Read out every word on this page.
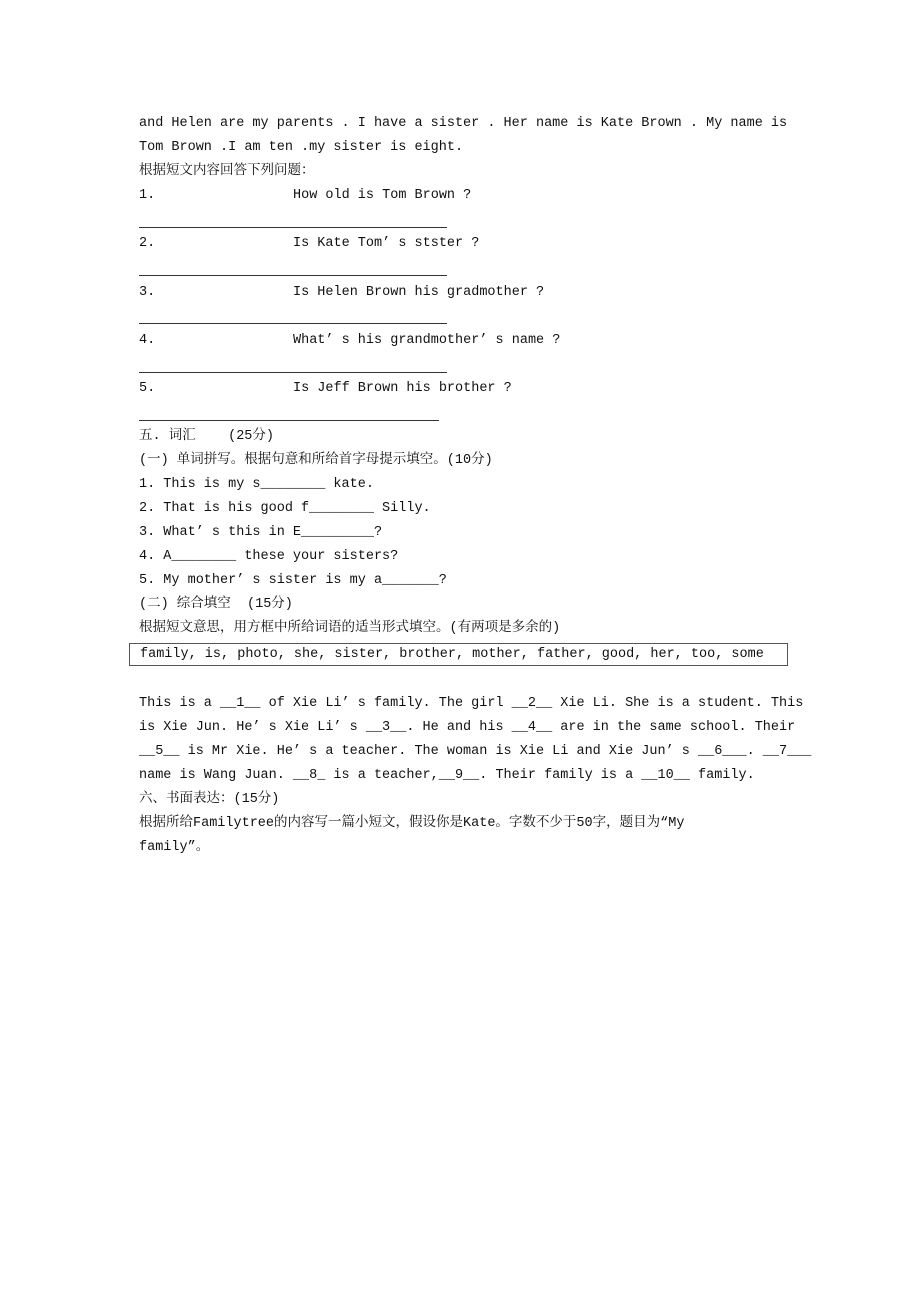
and Helen are my parents . I have a sister . Her name is Kate Brown . My name is
Tom Brown .I am ten .my sister is eight.
根据短文内容回答下列问题：
1.	How old is Tom Brown ?
2.	Is Kate Tom’ s stster ?
3.	Is Helen Brown his gradmother ?
4.	What’ s his grandmother’ s name ?
5.	Is Jeff Brown his brother ?
五. 词汇    (25分)
(一) 单词拼写。根据句意和所给首字母提示填空。(10分)
1. This is my s________ kate.
2. That is his good f________ Silly.
3. What’ s this in E_________?
4. A________ these your sisters?
5. My mother’ s sister is my a_______?
(二) 综合填空  (15分)
根据短文意思，用方框中所给词语的适当形式填空。(有两项是多余的)
family, is, photo, she, sister, brother, mother, father, good, her, too, some
This is a __1__ of Xie Li’ s family. The girl __2__ Xie Li. She is a student. This
is Xie Jun. He’ s Xie Li’ s __3__. He and his __4__ are in the same school. Their
__5__ is Mr Xie. He’ s a teacher. The woman is Xie Li and Xie Jun’ s __6___. __7___
name is Wang Juan. __8_ is a teacher,__9__. Their family is a __10__ family.
六、书面表达：(15分)
根据所给Familytree的内容写一篇小短文，假设你是Kate。字数不少于50字，题目为“My
family”。
